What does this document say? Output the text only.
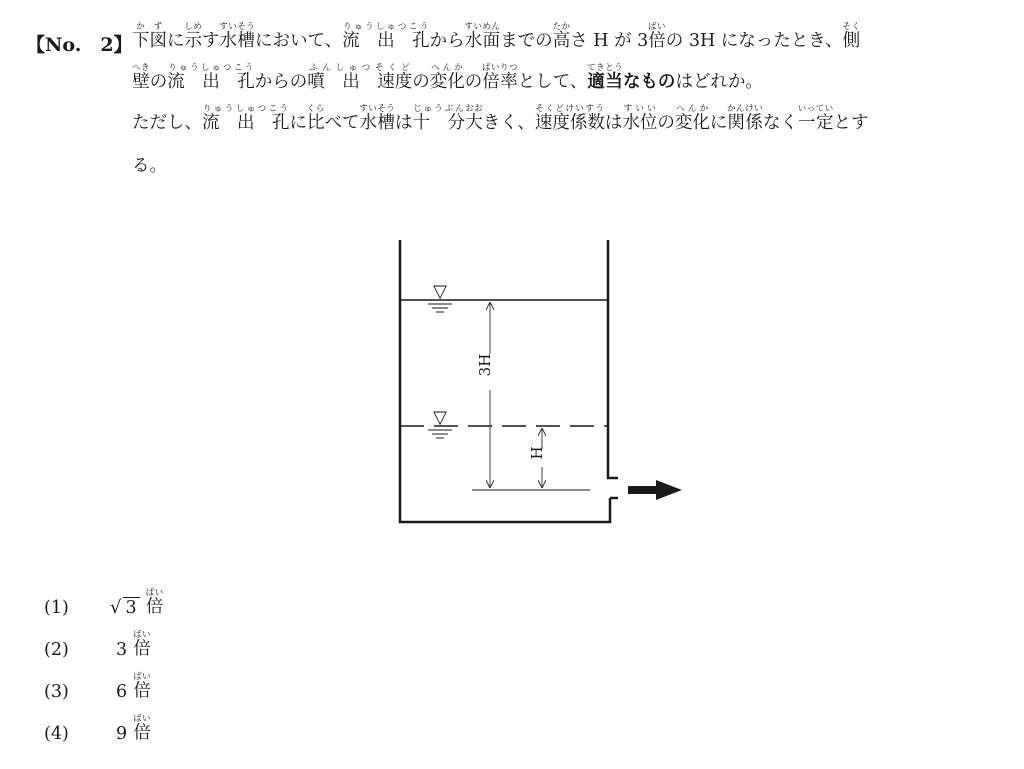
【No.　2】 下か図ずに示しめす水槽すいそうにおいて、流　出　孔りゅうしゅつこうから水面すいめんまでの高たかさ H が 3倍ばいの 3H になったとき、側そく
壁へきの流　出　孔りゅうしゅつこうからの噴　出　速度ふんしゅつそくどの変化へんかの倍率ばいりつとして、適当てきとうなものはどれか。
ただし、流　出　孔りゅうしゅつこうに比くらべて水槽すいそうは十　分じゅうぶん大おおきく、速度係数そくどけいすうは水位すいいの変化へんかに関係かんけいなく一定いっていとす
る。
▽
▽
3H
H
(1)	√ 3 倍ばい
(2)	3 倍ばい
(3)	6 倍ばい
(4)	9 倍ばい
